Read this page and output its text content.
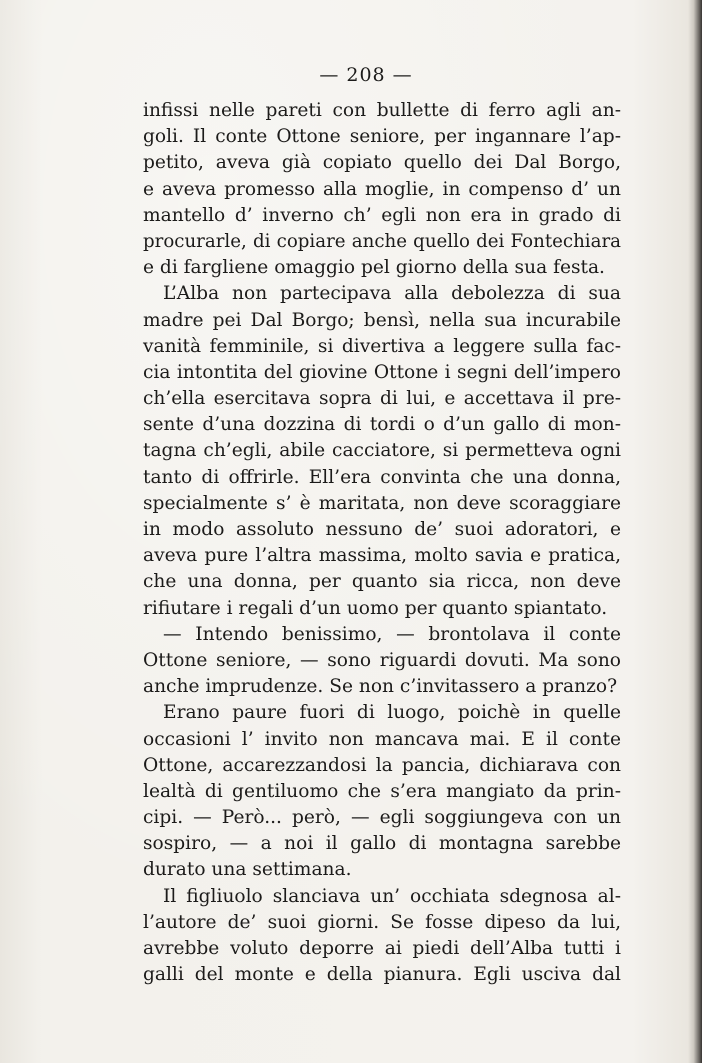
— 208 —
infissi nelle pareti con bullette di ferro agli an-
goli. Il conte Ottone seniore, per ingannare l’ap-
petito, aveva già copiato quello dei Dal Borgo,
e aveva promesso alla moglie, in compenso d’ un
mantello d’ inverno ch’ egli non era in grado di
procurarle, di copiare anche quello dei Fontechiara
e di fargliene omaggio pel giorno della sua festa.
L’Alba non partecipava alla debolezza di sua
madre pei Dal Borgo; bensì, nella sua incurabile
vanità femminile, si divertiva a leggere sulla fac-
cia intontita del giovine Ottone i segni dell’impero
ch’ella esercitava sopra di lui, e accettava il pre-
sente d’una dozzina di tordi o d’un gallo di mon-
tagna ch’egli, abile cacciatore, si permetteva ogni
tanto di offrirle. Ell’era convinta che una donna,
specialmente s’ è maritata, non deve scoraggiare
in modo assoluto nessuno de’ suoi adoratori, e
aveva pure l’altra massima, molto savia e pratica,
che una donna, per quanto sia ricca, non deve
rifiutare i regali d’un uomo per quanto spiantato.
— Intendo benissimo, — brontolava il conte
Ottone seniore, — sono riguardi dovuti. Ma sono
anche imprudenze. Se non c’invitassero a pranzo?
Erano paure fuori di luogo, poichè in quelle
occasioni l’ invito non mancava mai. E il conte
Ottone, accarezzandosi la pancia, dichiarava con
lealtà di gentiluomo che s’era mangiato da prin-
cipi. — Però... però, — egli soggiungeva con un
sospiro, — a noi il gallo di montagna sarebbe
durato una settimana.
Il figliuolo slanciava un’ occhiata sdegnosa al-
l’autore de’ suoi giorni. Se fosse dipeso da lui,
avrebbe voluto deporre ai piedi dell’Alba tutti i
galli del monte e della pianura. Egli usciva dal
